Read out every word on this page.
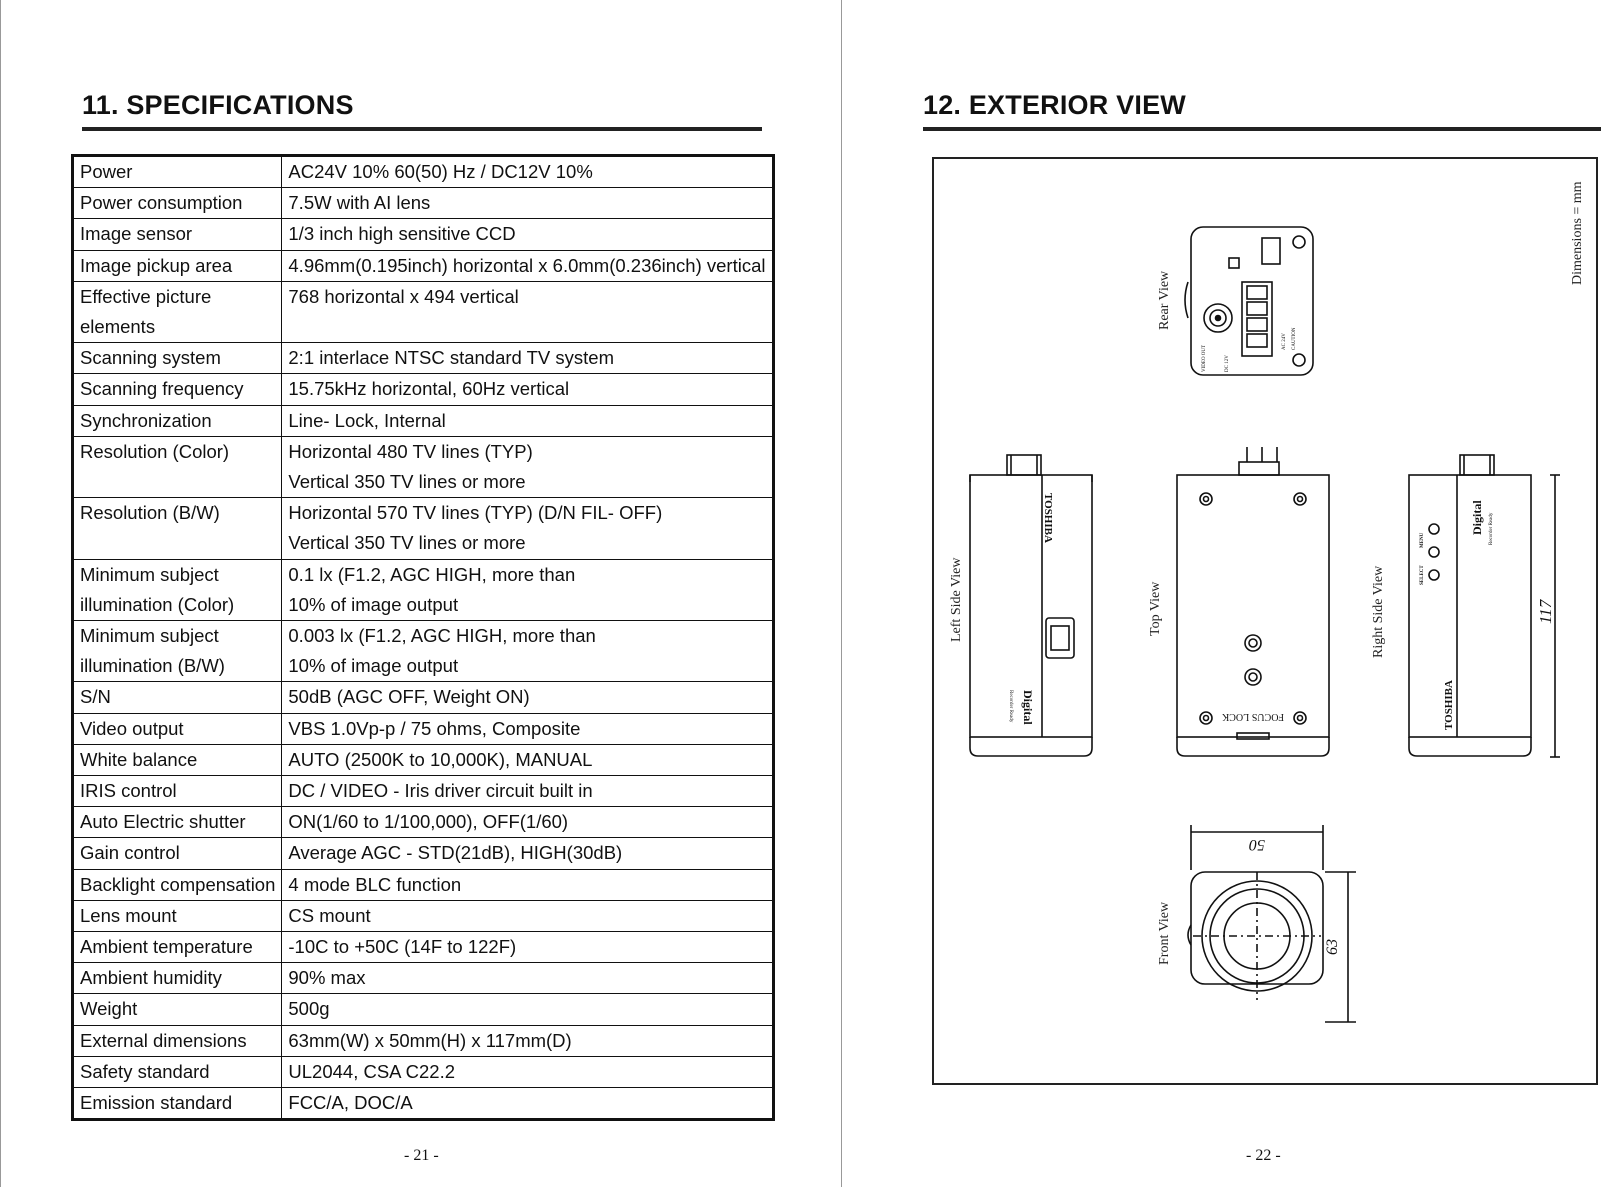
11. SPECIFICATIONS
Power	AC24V 10% 60(50) Hz / DC12V 10%

Power consumption	7.5W with AI lens

Image sensor	1/3 inch high sensitive CCD

Image pickup area	4.96mm(0.195inch) horizontal x 6.0mm(0.236inch) vertical

Effective picture
elements	768 horizontal x 494 vertical

Scanning system	2:1 interlace NTSC standard TV system

Scanning frequency	15.75kHz horizontal, 60Hz vertical

Synchronization	Line- Lock, Internal

Resolution (Color)	Horizontal 480 TV lines (TYP)
Vertical 350 TV lines or more

Resolution (B/W)	Horizontal 570 TV lines (TYP) (D/N FIL- OFF)
Vertical 350 TV lines or more

Minimum subject
illumination (Color)	0.1 lx (F1.2, AGC HIGH, more than
10% of image output

Minimum subject
illumination (B/W)	0.003 lx (F1.2, AGC HIGH, more than
10% of image output

S/N	50dB (AGC OFF, Weight ON)

Video output	VBS 1.0Vp-p / 75 ohms, Composite

White balance	AUTO (2500K to 10,000K), MANUAL

IRIS control	DC / VIDEO - Iris driver circuit built in

Auto Electric shutter	ON(1/60 to 1/100,000), OFF(1/60)

Gain control	Average AGC - STD(21dB), HIGH(30dB)

Backlight compensation	4 mode BLC function

Lens mount	CS mount

Ambient temperature	-10C to +50C (14F to 122F)

Ambient humidity	90% max

Weight	500g

External dimensions	63mm(W) x 50mm(H) x 117mm(D)

Safety standard	UL2044, CSA C22.2

Emission standard	FCC/A, DOC/A
- 21 -
12. EXTERIOR VIEW
- 22 -
Dimensions = mm
Rear View
Left Side View	Top View	Right Side View
Front View
TOSHIBA
Digital
Recorder Ready	TOSHIBA
Digital Recorder Ready
MENU
SELECT
FOCUS LOCK
VIDEO OUT	DC 12V
AC 24V CAUTION
117
50
63
